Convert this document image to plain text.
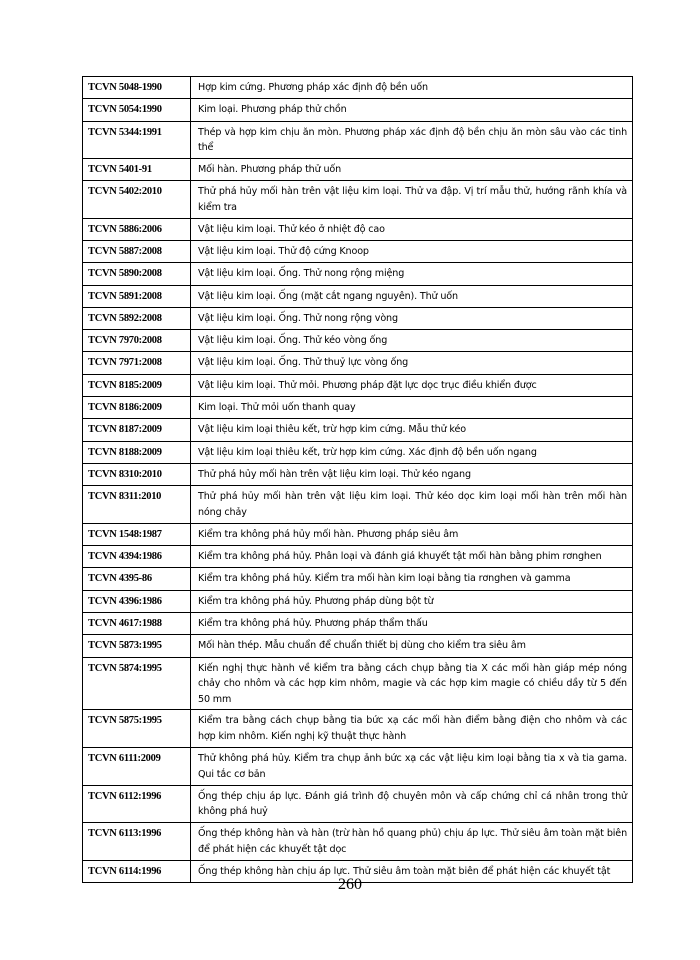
TCVN 5048-1990	Hợp kim cứng. Phương pháp xác định độ bền uốn
TCVN 5054:1990	Kim loại. Phương pháp thử chồn
TCVN 5344:1991	Thép và hợp kim chịu ăn mòn. Phương pháp xác định độ bền chịu ăn mòn sâu vào các tinh thể
TCVN 5401-91	Mối hàn. Phương pháp thử uốn
TCVN 5402:2010	Thử phá hủy mối hàn trên vật liệu kim loại. Thử va đập. Vị trí mẫu thử, hướng rãnh khía và kiểm tra
TCVN 5886:2006	Vật liệu kim loại. Thử kéo ở nhiệt độ cao
TCVN 5887:2008	Vật liệu kim loại. Thử độ cứng Knoop
TCVN 5890:2008	Vật liệu kim loại. Ống. Thử nong rộng miệng
TCVN 5891:2008	Vật liệu kim loại. Ống (mặt cắt ngang nguyên). Thử uốn
TCVN 5892:2008	Vật liệu kim loại. Ống. Thử nong rộng vòng
TCVN 7970:2008	Vật liệu kim loại. Ống. Thử kéo vòng ống
TCVN 7971:2008	Vật liệu kim loại. Ống. Thử thuỷ lực vòng ống
TCVN 8185:2009	Vật liệu kim loại. Thử mỏi. Phương pháp đặt lực dọc trục điều khiển được
TCVN 8186:2009	Kim loại. Thử mỏi uốn thanh quay
TCVN 8187:2009	Vật liệu kim loại thiêu kết, trừ hợp kim cứng. Mẫu thử kéo
TCVN 8188:2009	Vật liệu kim loại thiêu kết, trừ hợp kim cứng. Xác định độ bền uốn ngang
TCVN 8310:2010	Thử phá hủy mối hàn trên vật liệu kim loại. Thử kéo ngang
TCVN 8311:2010	Thử phá hủy mối hàn trên vật liệu kim loại. Thử kéo dọc kim loại mối hàn trên mối hàn nóng chảy
TCVN 1548:1987	Kiểm tra không phá hủy mối hàn. Phương pháp siêu âm
TCVN 4394:1986	Kiểm tra không phá hủy. Phân loại và đánh giá khuyết tật mối hàn bằng phim rơnghen
TCVN 4395-86	Kiểm tra không phá hủy. Kiểm tra mối hàn kim loại bằng tia rơnghen và gamma
TCVN 4396:1986	Kiểm tra không phá hủy. Phương pháp dùng bột từ
TCVN 4617:1988	Kiểm tra không phá hủy. Phương pháp thẩm thấu
TCVN 5873:1995	Mối hàn thép. Mẫu chuẩn để chuẩn thiết bị dùng cho kiểm tra siêu âm
TCVN 5874:1995	Kiến nghị thực hành về kiểm tra bằng cách chụp bằng tia X các mối hàn giáp mép nóng chảy cho nhôm và các hợp kim nhôm, magie và các hợp kim magie có chiều dầy từ 5 đến 50 mm
TCVN 5875:1995	Kiểm tra bằng cách chụp bằng tia bức xạ các mối hàn điểm bằng điện cho nhôm và các hợp kim nhôm. Kiến nghị kỹ thuật thực hành
TCVN 6111:2009	Thử không phá hủy. Kiểm tra chụp ảnh bức xạ các vật liệu kim loại bằng tia x và tia gama. Qui tắc cơ bản
TCVN 6112:1996	Ống thép chịu áp lực. Đánh giá trình độ chuyên môn và cấp chứng chỉ cá nhân trong thử không phá huỷ
TCVN 6113:1996	Ống thép không hàn và hàn (trừ hàn hồ quang phủ) chịu áp lực. Thử siêu âm toàn mặt biên để phát hiện các khuyết tật dọc
TCVN 6114:1996	Ống thép không hàn chịu áp lực. Thử siêu âm toàn mặt biên để phát hiện các khuyết tật
260
